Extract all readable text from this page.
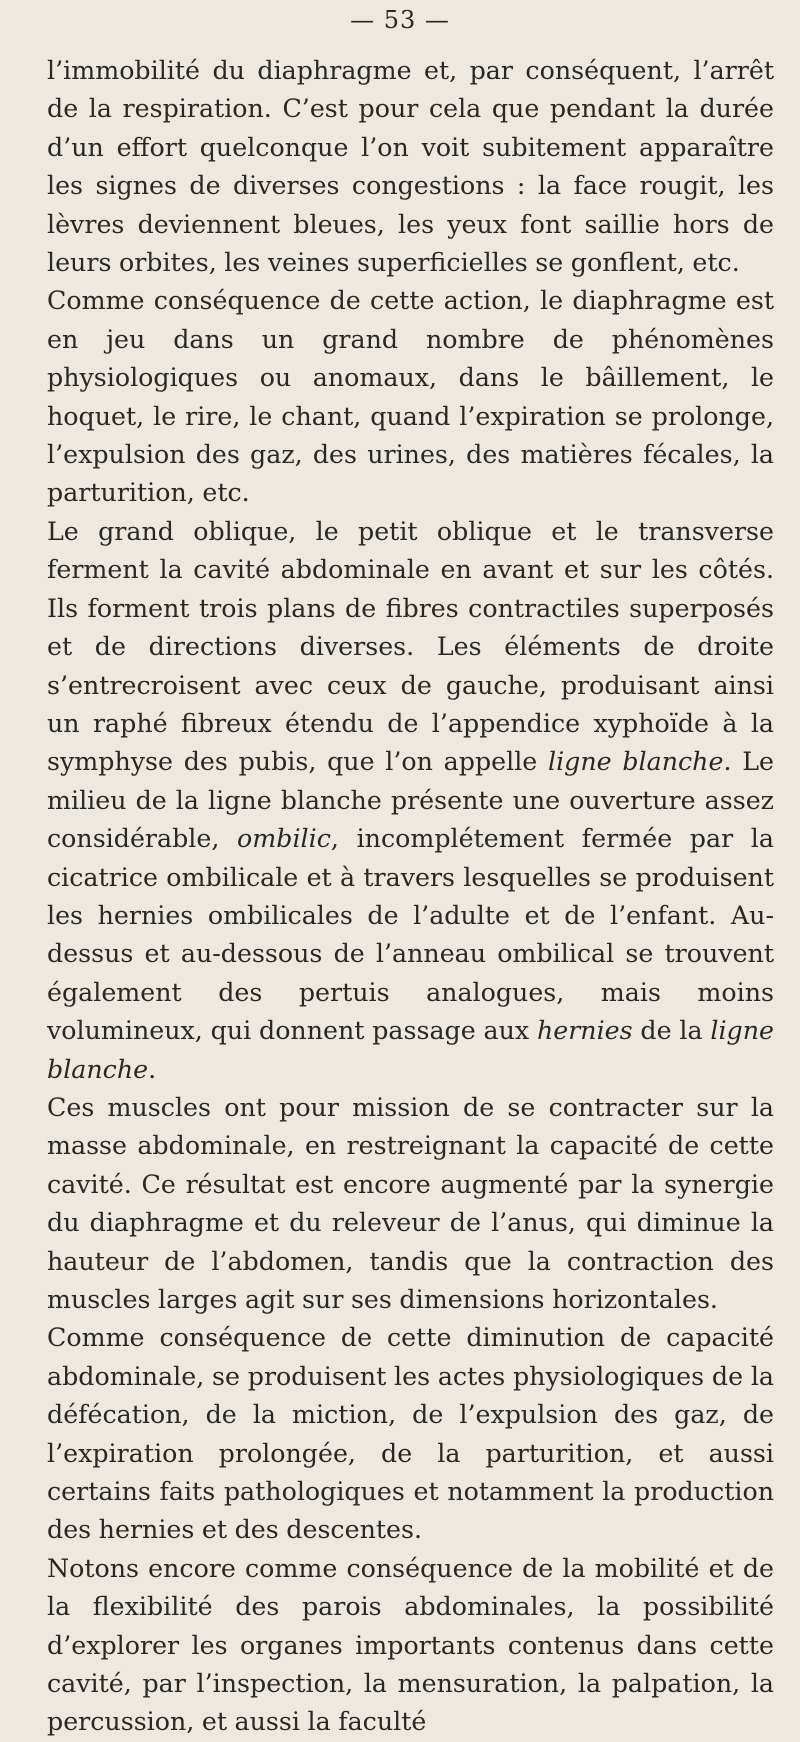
— 53 —

l’immobilité du diaphragme et, par conséquent, l’arrêt de la respiration. C’est pour cela que pendant la durée d’un effort quelconque l’on voit subitement apparaître les signes de diverses congestions : la face rougit, les lèvres deviennent bleues, les yeux font saillie hors de leurs orbites, les veines superficielles se gonflent, etc.

Comme conséquence de cette action, le diaphragme est en jeu dans un grand nombre de phénomènes physiologiques ou anomaux, dans le bâillement, le hoquet, le rire, le chant, quand l’expiration se prolonge, l’expulsion des gaz, des urines, des matières fécales, la parturition, etc.

Le grand oblique, le petit oblique et le transverse ferment la cavité abdominale en avant et sur les côtés. Ils forment trois plans de fibres contractiles superposés et de directions diverses. Les éléments de droite s’entrecroisent avec ceux de gauche, produisant ainsi un raphé fibreux étendu de l’appendice xyphoïde à la symphyse des pubis, que l’on appelle ligne blanche. Le milieu de la ligne blanche présente une ouverture assez considérable, ombilic, incomplétement fermée par la cicatrice ombilicale et à travers lesquelles se produisent les hernies ombilicales de l’adulte et de l’enfant. Au-dessus et au-dessous de l’anneau ombilical se trouvent également des pertuis analogues, mais moins volumineux, qui donnent passage aux hernies de la ligne blanche.

Ces muscles ont pour mission de se contracter sur la masse abdominale, en restreignant la capacité de cette cavité. Ce résultat est encore augmenté par la synergie du diaphragme et du releveur de l’anus, qui diminue la hauteur de l’abdomen, tandis que la contraction des muscles larges agit sur ses dimensions horizontales.

Comme conséquence de cette diminution de capacité abdominale, se produisent les actes physiologiques de la défécation, de la miction, de l’expulsion des gaz, de l’expiration prolongée, de la parturition, et aussi certains faits pathologiques et notamment la production des hernies et des descentes.

Notons encore comme conséquence de la mobilité et de la flexibilité des parois abdominales, la possibilité d’explorer les organes importants contenus dans cette cavité, par l’inspection, la mensuration, la palpation, la percussion, et aussi la faculté
